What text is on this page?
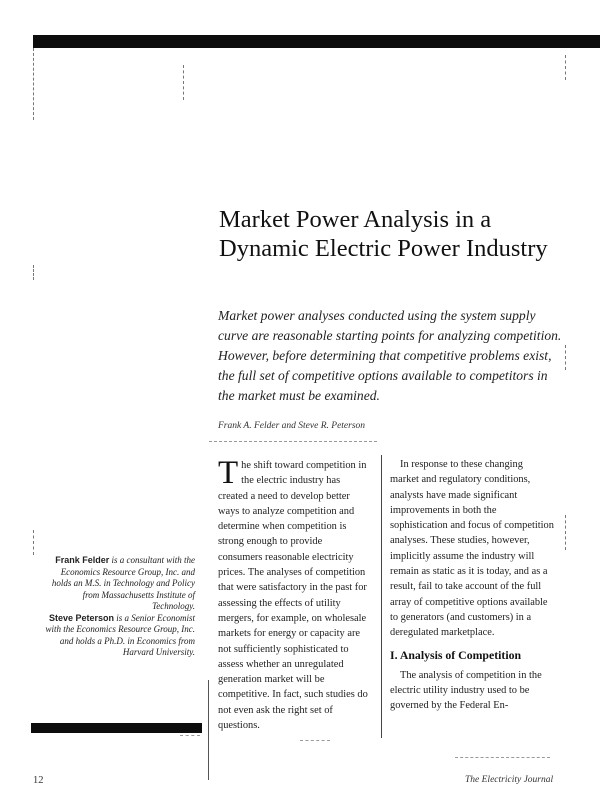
Market Power Analysis in a Dynamic Electric Power Industry
Market power analyses conducted using the system supply curve are reasonable starting points for analyzing competition. However, before determining that competitive problems exist, the full set of competitive options available to competitors in the market must be examined.
Frank A. Felder and Steve R. Peterson

The shift toward competition in the electric industry has created a need to develop better ways to analyze competition and determine when competition is strong enough to provide consumers reasonable electricity prices. The analyses of competition that were satisfactory in the past for assessing the effects of utility mergers, for example, on wholesale markets for energy or capacity are not sufficiently sophisticated to assess whether an unregulated generation market will be competitive. In fact, such studies do not even ask the right set of questions.

In response to these changing market and regulatory conditions, analysts have made significant improvements in both the sophistication and focus of competition analyses. These studies, however, implicitly assume the industry will remain as static as it is today, and as a result, fail to take account of the full array of competitive options available to generators (and customers) in a deregulated marketplace.

I. Analysis of Competition

The analysis of competition in the electric utility industry used to be governed by the Federal En-

Frank Felder is a consultant with the Economics Resource Group, Inc. and holds an M.S. in Technology and Policy from Massachusetts Institute of Technology.

Steve Peterson is a Senior Economist with the Economics Resource Group, Inc. and holds a Ph.D. in Economics from Harvard University.

12	The Electricity Journal
